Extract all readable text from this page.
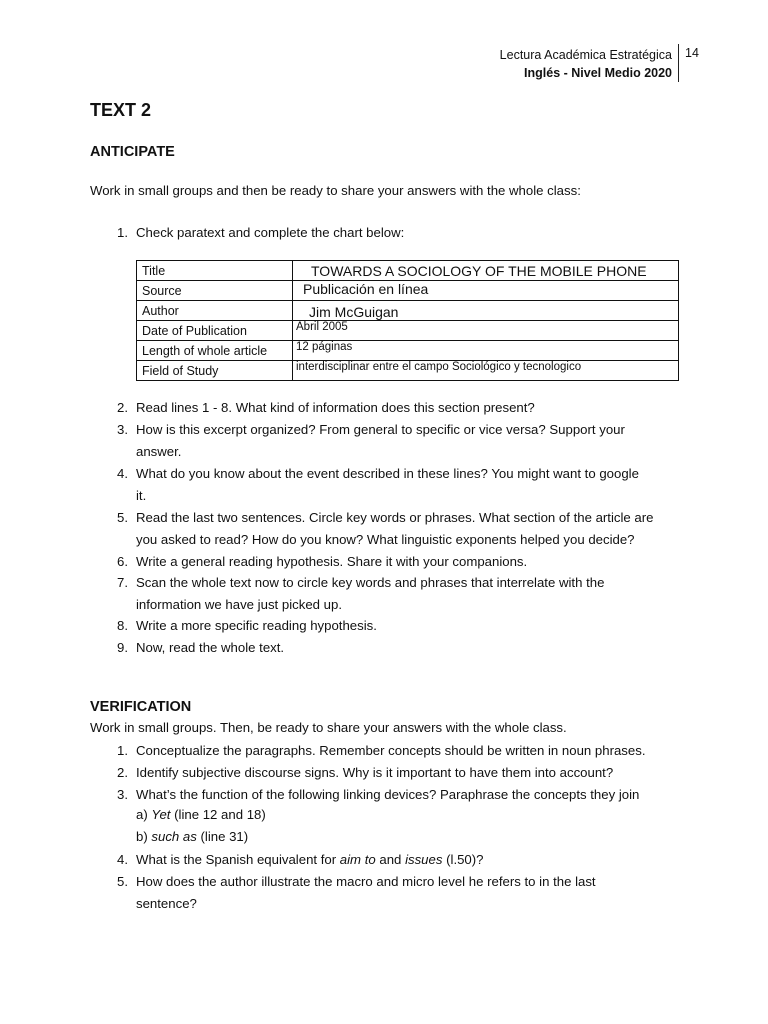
Lectura Académica Estratégica
Inglés - Nivel Medio 2020
14
TEXT 2
ANTICIPATE
Work in small groups and then be ready to share your answers with the whole class:
1. Check paratext and complete the chart below:
Title	TOWARDS A SOCIOLOGY OF THE MOBILE PHONE
Source	Publicación en línea
Author	Jim McGuigan
Date of Publication	Abril 2005
Length of whole article	12 páginas
Field of Study	interdisciplinar entre el campo Sociológico y tecnologico
2. Read lines 1 - 8. What kind of information does this section present?
3. How is this excerpt organized? From general to specific or vice versa? Support your
answer.
4. What do you know about the event described in these lines? You might want to google
it.
5. Read the last two sentences. Circle key words or phrases. What section of the article are
you asked to read? How do you know? What linguistic exponents helped you decide?
6. Write a general reading hypothesis. Share it with your companions.
7. Scan the whole text now to circle key words and phrases that interrelate with the
information we have just picked up.
8. Write a more specific reading hypothesis.
9. Now, read the whole text.
VERIFICATION
Work in small groups. Then, be ready to share your answers with the whole class.
1. Conceptualize the paragraphs. Remember concepts should be written in noun phrases.
2. Identify subjective discourse signs. Why is it important to have them into account?
3. What’s the function of the following linking devices? Paraphrase the concepts they join
a) Yet (line 12 and 18)
b) such as (line 31)
4. What is the Spanish equivalent for aim to and issues (l.50)?
5. How does the author illustrate the macro and micro level he refers to in the last
sentence?
